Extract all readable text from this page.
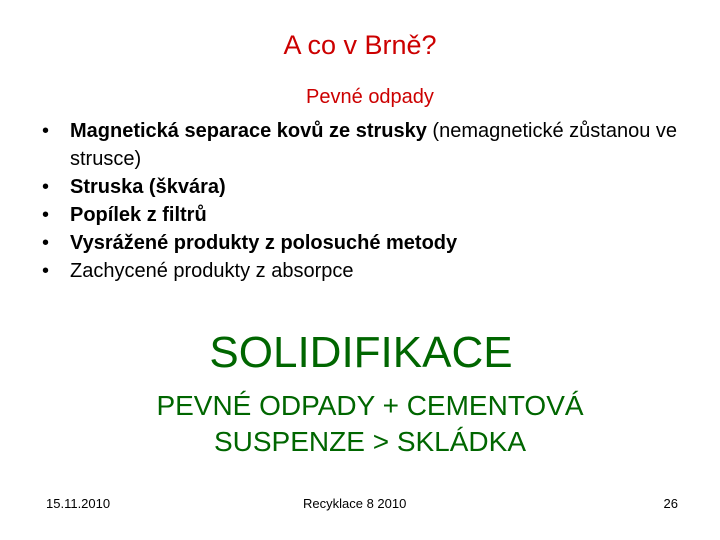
A co v Brně?
Pevné odpady
• Magnetická separace kovů ze strusky (nemagnetické zůstanou ve strusce)
• Struska (škvára)
• Popílek z filtrů
• Vysrážené produkty z polosuché metody
• Zachycené produkty z absorpce
SOLIDIFIKACE
PEVNÉ ODPADY + CEMENTOVÁ
SUSPENZE > SKLÁDKA
15.11.2010	Recyklace 8 2010	26
